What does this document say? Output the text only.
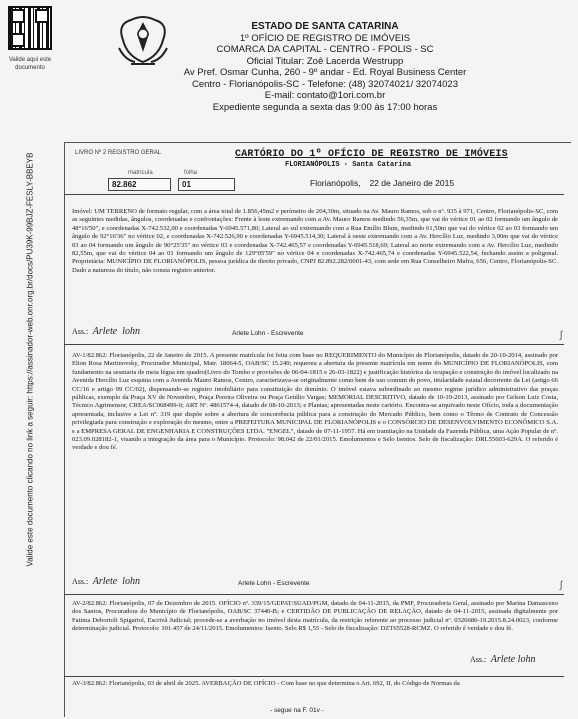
Valide aqui este documento
Valide este documento clicando no link a seguir: https://assinador-web.onr.org.br/docs/PU39K-99BJZ-FESLY-BBEYB
ESTADO DE SANTA CATARINA
1º OFÍCIO DE REGISTRO DE IMÓVEIS
COMARCA DA CAPITAL - CENTRO - FPOLIS - SC
Oficial Titular: Zoê Lacerda Westrupp
Av Pref. Osmar Cunha, 260 - 9º andar - Ed. Royal Business Center
Centro - Florianópolis-SC - Telefone: (48) 32074021/ 32074023
E-mail: contato@1ori.com.br
Expediente segunda a sexta das 9:00 às 17:00 horas
LIVRO Nº 2 REGISTRO GERAL	CARTÓRIO DO 1º OFÍCIO DE REGISTRO DE IMÓVEIS
FLORIANÓPOLIS - Santa Catarina
matrícula
82.862
folha
01	Florianópolis, 22 de Janeiro de 2015
Imóvel: UM TERRENO de formato regular, com a área total de 1.856,45m2 e perímetro de 204,30m, situado na Av. Mauro Ramos, sob o nº. 935 à 971, Centro, Florianópolis-SC, com as seguintes medidas, ângulos, coordenadas e confrontações: Frente à leste extremando com a Av. Mauro Ramos medindo 56,35m, que vai do vértice 01 ao 02 formando um ângulo de 48°16'50", e coordenadas X-742.532,00 e coordenadas Y-6945.571,80; Lateral ao sul extremando com a Rua Emílio Blum, medindo 61,50m que vai do vértice 02 ao 03 formando um ângulo de 92°16'36" no vértice 02, e coordenadas X-742.526,90 e coordenadas Y-6945.514,30; Lateral à oeste extremando com a Av. Hercílio Luz, medindo 3,90m que vai do vértice 03 ao 04 formando um ângulo de 90°25'35" no vértice 03 e coordenadas X-742.465,57 e coordenadas Y-6945.518,69; Lateral ao norte extremando com a Av. Hercílio Luz, medindo 82,55m, que vai do vértice 04 ao 01 formando um ângulo de 129°05'59" no vértice 04 e coordenadas X-742.465,74 e coordenadas Y-6945.522,54, fechando assim a poligonal. Proprietária: MUNICÍPIO DE FLORIANÓPOLIS, pessoa jurídica de direito privado, CNPJ 82.892.282/0001-43, com sede em Rua Conselheiro Mafra, 656, Centro, Florianópolis-SC. Dado a natureza do título, não consta registro anterior.
Ass.:  Arlete  lohn	Arlete Lohn - Escrevente
AV-1/82.862: Florianópolis, 22 de Janeiro de 2015. A presente matrícula foi feita com base no REQUERIMENTO do Município de Florianópolis, datado de 20-10-2014, assinado por Elton Rosa Martinovsky, Procurador Municipal, Matr. 18064-5, OAB/SC 15.249; requereu a abertura da presente matrícula em nome do MUNICÍPIO DE FLORIANÓPOLIS, com fundamento na sesmaria de meia légua em quadro(Livro do Tombo e provisões de 06-04-1815 e 26-03-1822) e justificação histórica da ocupação e construção do imóvel localizado na Avenida Hercílio Luz esquina com a Avenida Mauro Ramos, Centro, caracterizava-se originalmente como bem de uso comum do povo, titularidade estatal decorrente da Lei (artigo 66 CC/16 e artigo 99 CC/02), dispensando-se registro imobiliário para constituição do domínio. O imóvel estava subordinado ao mesmo regime jurídico administrativo das praças públicas, exemplo da Praça XV de Novembro, Praça Pereira Oliveira ou Praça Getúlio Vargas; MEMORIAL DESCRITIVO, datado de 10-10-2013, assinado por Gelson Luiz Costa, Técnico Agrimensor, CREA/SC068499-0; ART Nº. 4861574-4, datado de 08-10-2013; e Plantas; apresentadas neste cartório. Encontra-se arquivado neste Ofício, toda a documentação apresentada, inclusive a Lei nº. 319 que dispõe sobre a abertura de concorrência pública para a construção do Mercado Público, bem como o Têrmo de Contrato de Concessão privilegiada para construção e exploração do mesmo, entre a PREFEITURA MUNICIPAL DE FLORIANÓPOLIS e o CONSÓRCIO DE DESENVOLVIMENTO ECONÔMICO S.A. e a EMPRESA GERAL DE ENGENHARIA E CONSTRUÇÕES LTDA. "ENGEL", datado de 07-11-1957. Há em tramitação na Unidade da Fazenda Pública, uma Ação Popular de nº. 023.09.028182-1, visando a integração da área para o Município. Protocolo: 98.042 de 22/01/2015. Emolumentos e Selo Isentos. Selo de fiscalização: DRL55603-629A. O referido é verdade e dou fé.
Ass.:  Arlete  lohn	Arlete Lohn - Escrevente
AV-2/82.862: Florianópolis, 07 de Dezembro de 2015. OFÍCIO nº. 339/15/GEPAT/SUAD/PGM, datado de 04-11-2015, da PMF, Procuradoria Geral, assinado por Marina Damasceno dos Santos, Procuradora do Município de Florianópolis, OAB/SC 37440-B; e CERTIDÃO DE PUBLICAÇÃO DE RELAÇÃO, datado de 04-11-2015, assinada digitalmente por Fatima Debortoli Spigariol, Escrivã Judicial; procede-se a averbação no imóvel desta matrícula, da restrição referente ao processo judicial nº. 0326686-19.2015.8.24.0023, conforme determinação judicial. Protocolo: 101.457 de 24/11/2015. Emolumentos: Isento. Selo R$ 1,55 - Selo de fiscalização: DZT65528-RCMZ. O referido é verdade e dou fé.
Ass.:  Arlete lohn
AV-3/82.862: Florianópolis, 03 de abril de 2025. AVERBAÇÃO DE OFÍCIO - Com base no que determina o Art. 692, II, do Código de Normas da
- segue na F. 01v -
ʃ
ʃ
